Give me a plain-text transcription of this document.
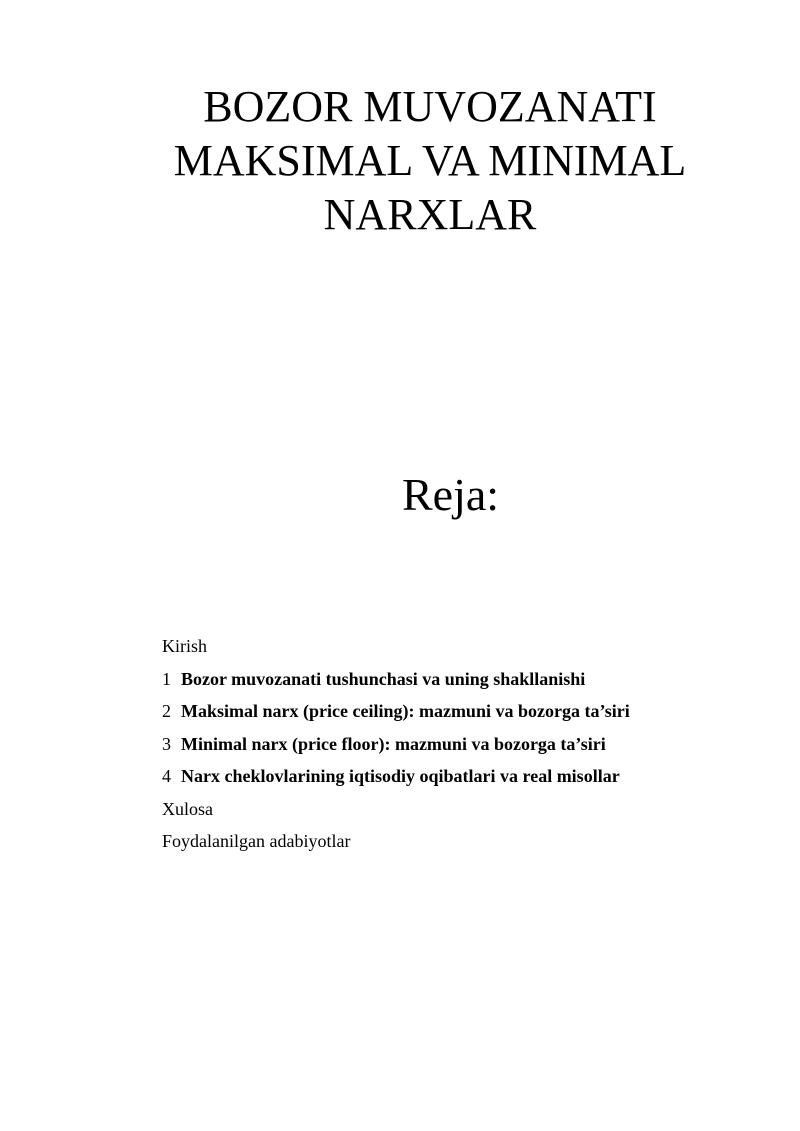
BOZOR MUVOZANATI
MAKSIMAL VA MINIMAL
NARXLAR
Reja:
Kirish
1 Bozor muvozanati tushunchasi va uning shakllanishi
2 Maksimal narx (price ceiling): mazmuni va bozorga ta’siri
3 Minimal narx (price floor): mazmuni va bozorga ta’siri
4 Narx cheklovlarining iqtisodiy oqibatlari va real misollar
Xulosa
Foydalanilgan adabiyotlar
